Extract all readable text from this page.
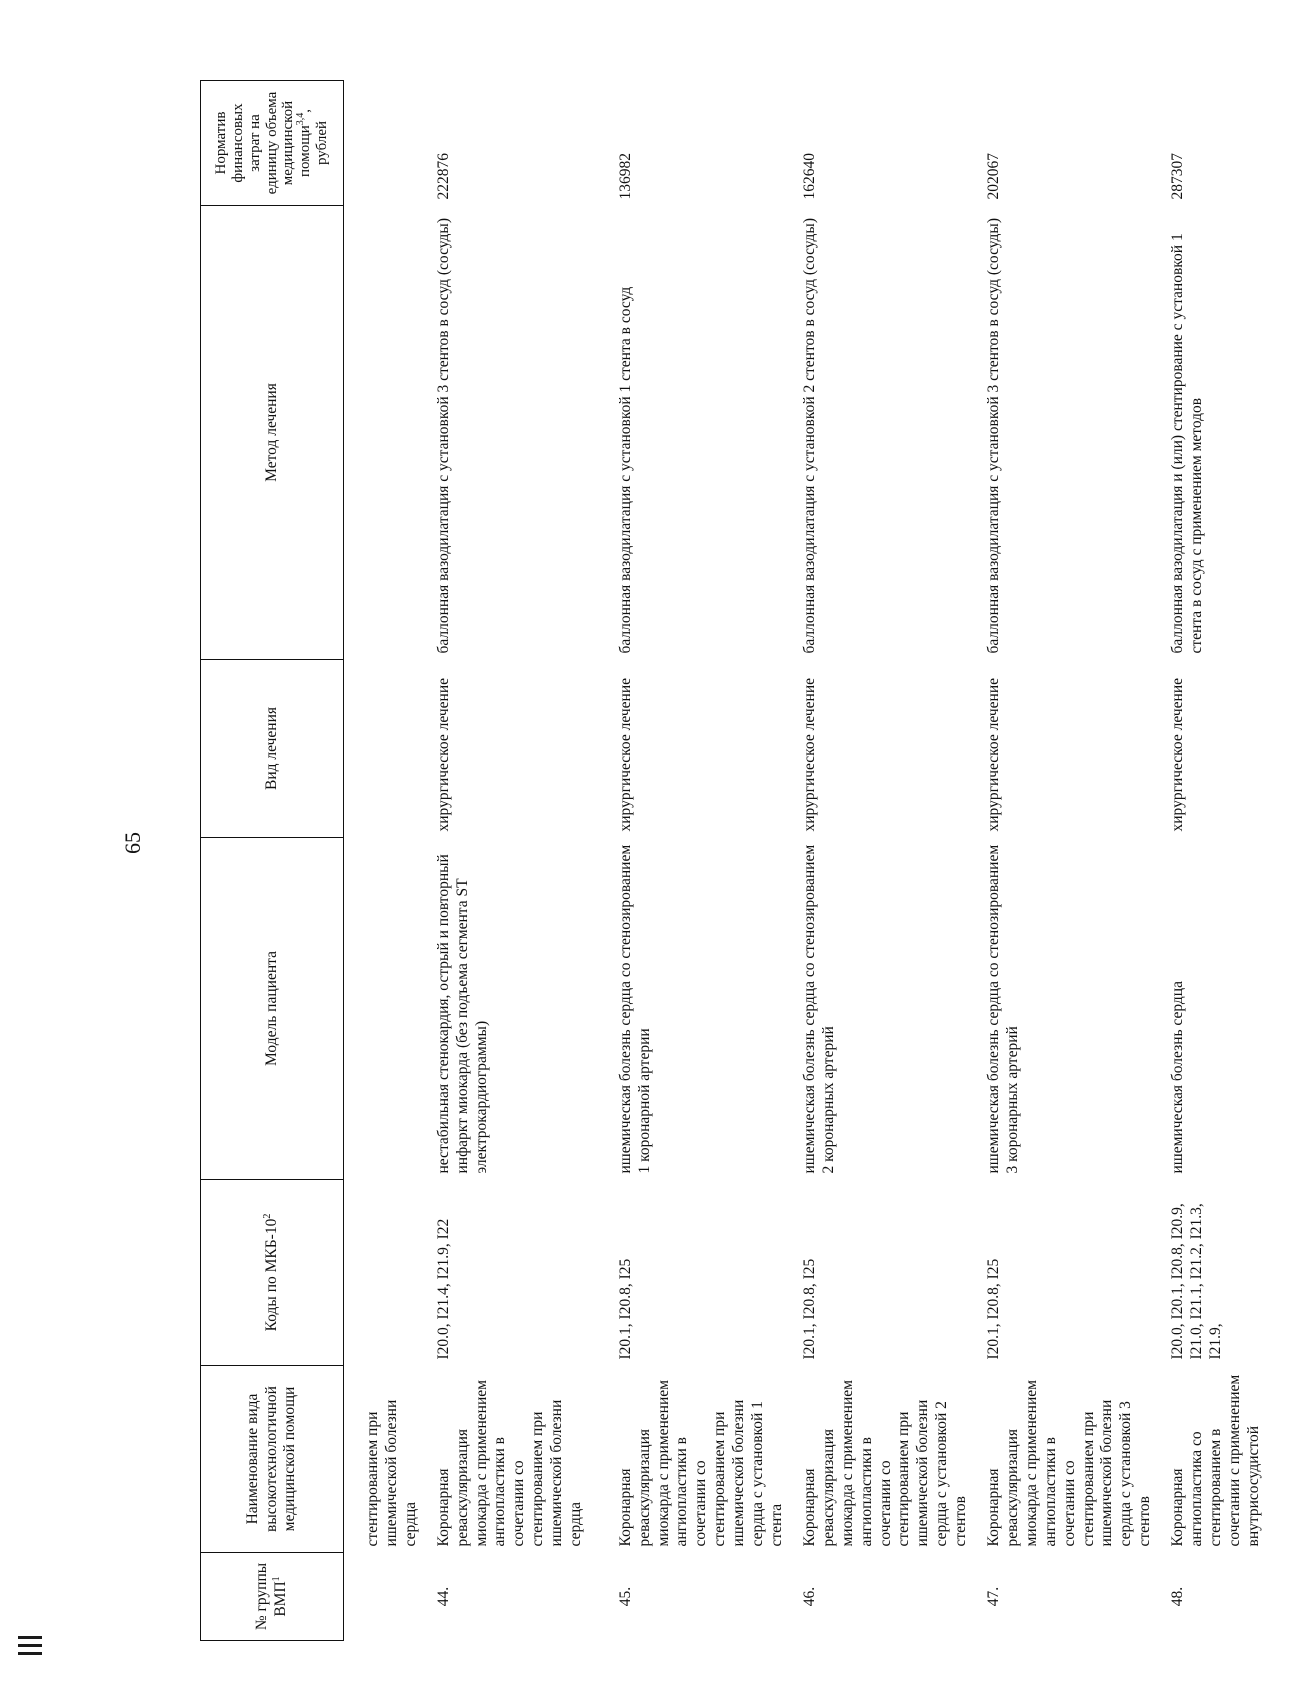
65
№ группы ВМП$^1$	Наименование вида высокотехнологичной медицинской помощи	Коды по МКБ-$10^2$	Модель пациента	Вид лечения	Метод лечения	Норматив финансовых затрат на единицу объема медицинской помощи$^{3,4}$, рублей
	стентированием при ишемической болезни сердца					
44.	Коронарная реваскуляризация миокарда с применением ангиопластики в сочетании со стентированием при ишемической болезни сердца	I20.0, I21.4, I21.9, I22	нестабильная стенокардия, острый и повторный инфаркт миокарда (без подъема сегмента ST электрокардиограммы)	хирургическое лечение	баллонная вазодилатация с установкой 3 стентов в сосуд (сосуды)	222876
45.	Коронарная реваскуляризация миокарда с применением ангиопластики в сочетании со стентированием при ишемической болезни сердца с установкой 1 стента	I20.1, I20.8, I25	ишемическая болезнь сердца со стенозированием 1 коронарной артерии	хирургическое лечение	баллонная вазодилатация с установкой 1 стента в сосуд	136982
46.	Коронарная реваскуляризация миокарда с применением ангиопластики в сочетании со стентированием при ишемической болезни сердца с установкой 2 стентов	I20.1, I20.8, I25	ишемическая болезнь сердца со стенозированием 2 коронарных артерий	хирургическое лечение	баллонная вазодилатация с установкой 2 стентов в сосуд (сосуды)	162640
47.	Коронарная реваскуляризация миокарда с применением ангиопластики в сочетании со стентированием при ишемической болезни сердца с установкой 3 стентов	I20.1, I20.8, I25	ишемическая болезнь сердца со стенозированием 3 коронарных артерий	хирургическое лечение	баллонная вазодилатация с установкой 3 стентов в сосуд (сосуды)	202067
48.	Коронарная ангиопластика со стентированием в сочетании с применением внутрисосудистой	I20.0, I20.1, I20.8, I20.9, I21.0, I21.1, I21.2, I21.3, I21.9,	ишемическая болезнь сердца	хирургическое лечение	баллонная вазодилатация и (или) стентирование с установкой 1 стента в сосуд с применением методов	287307
